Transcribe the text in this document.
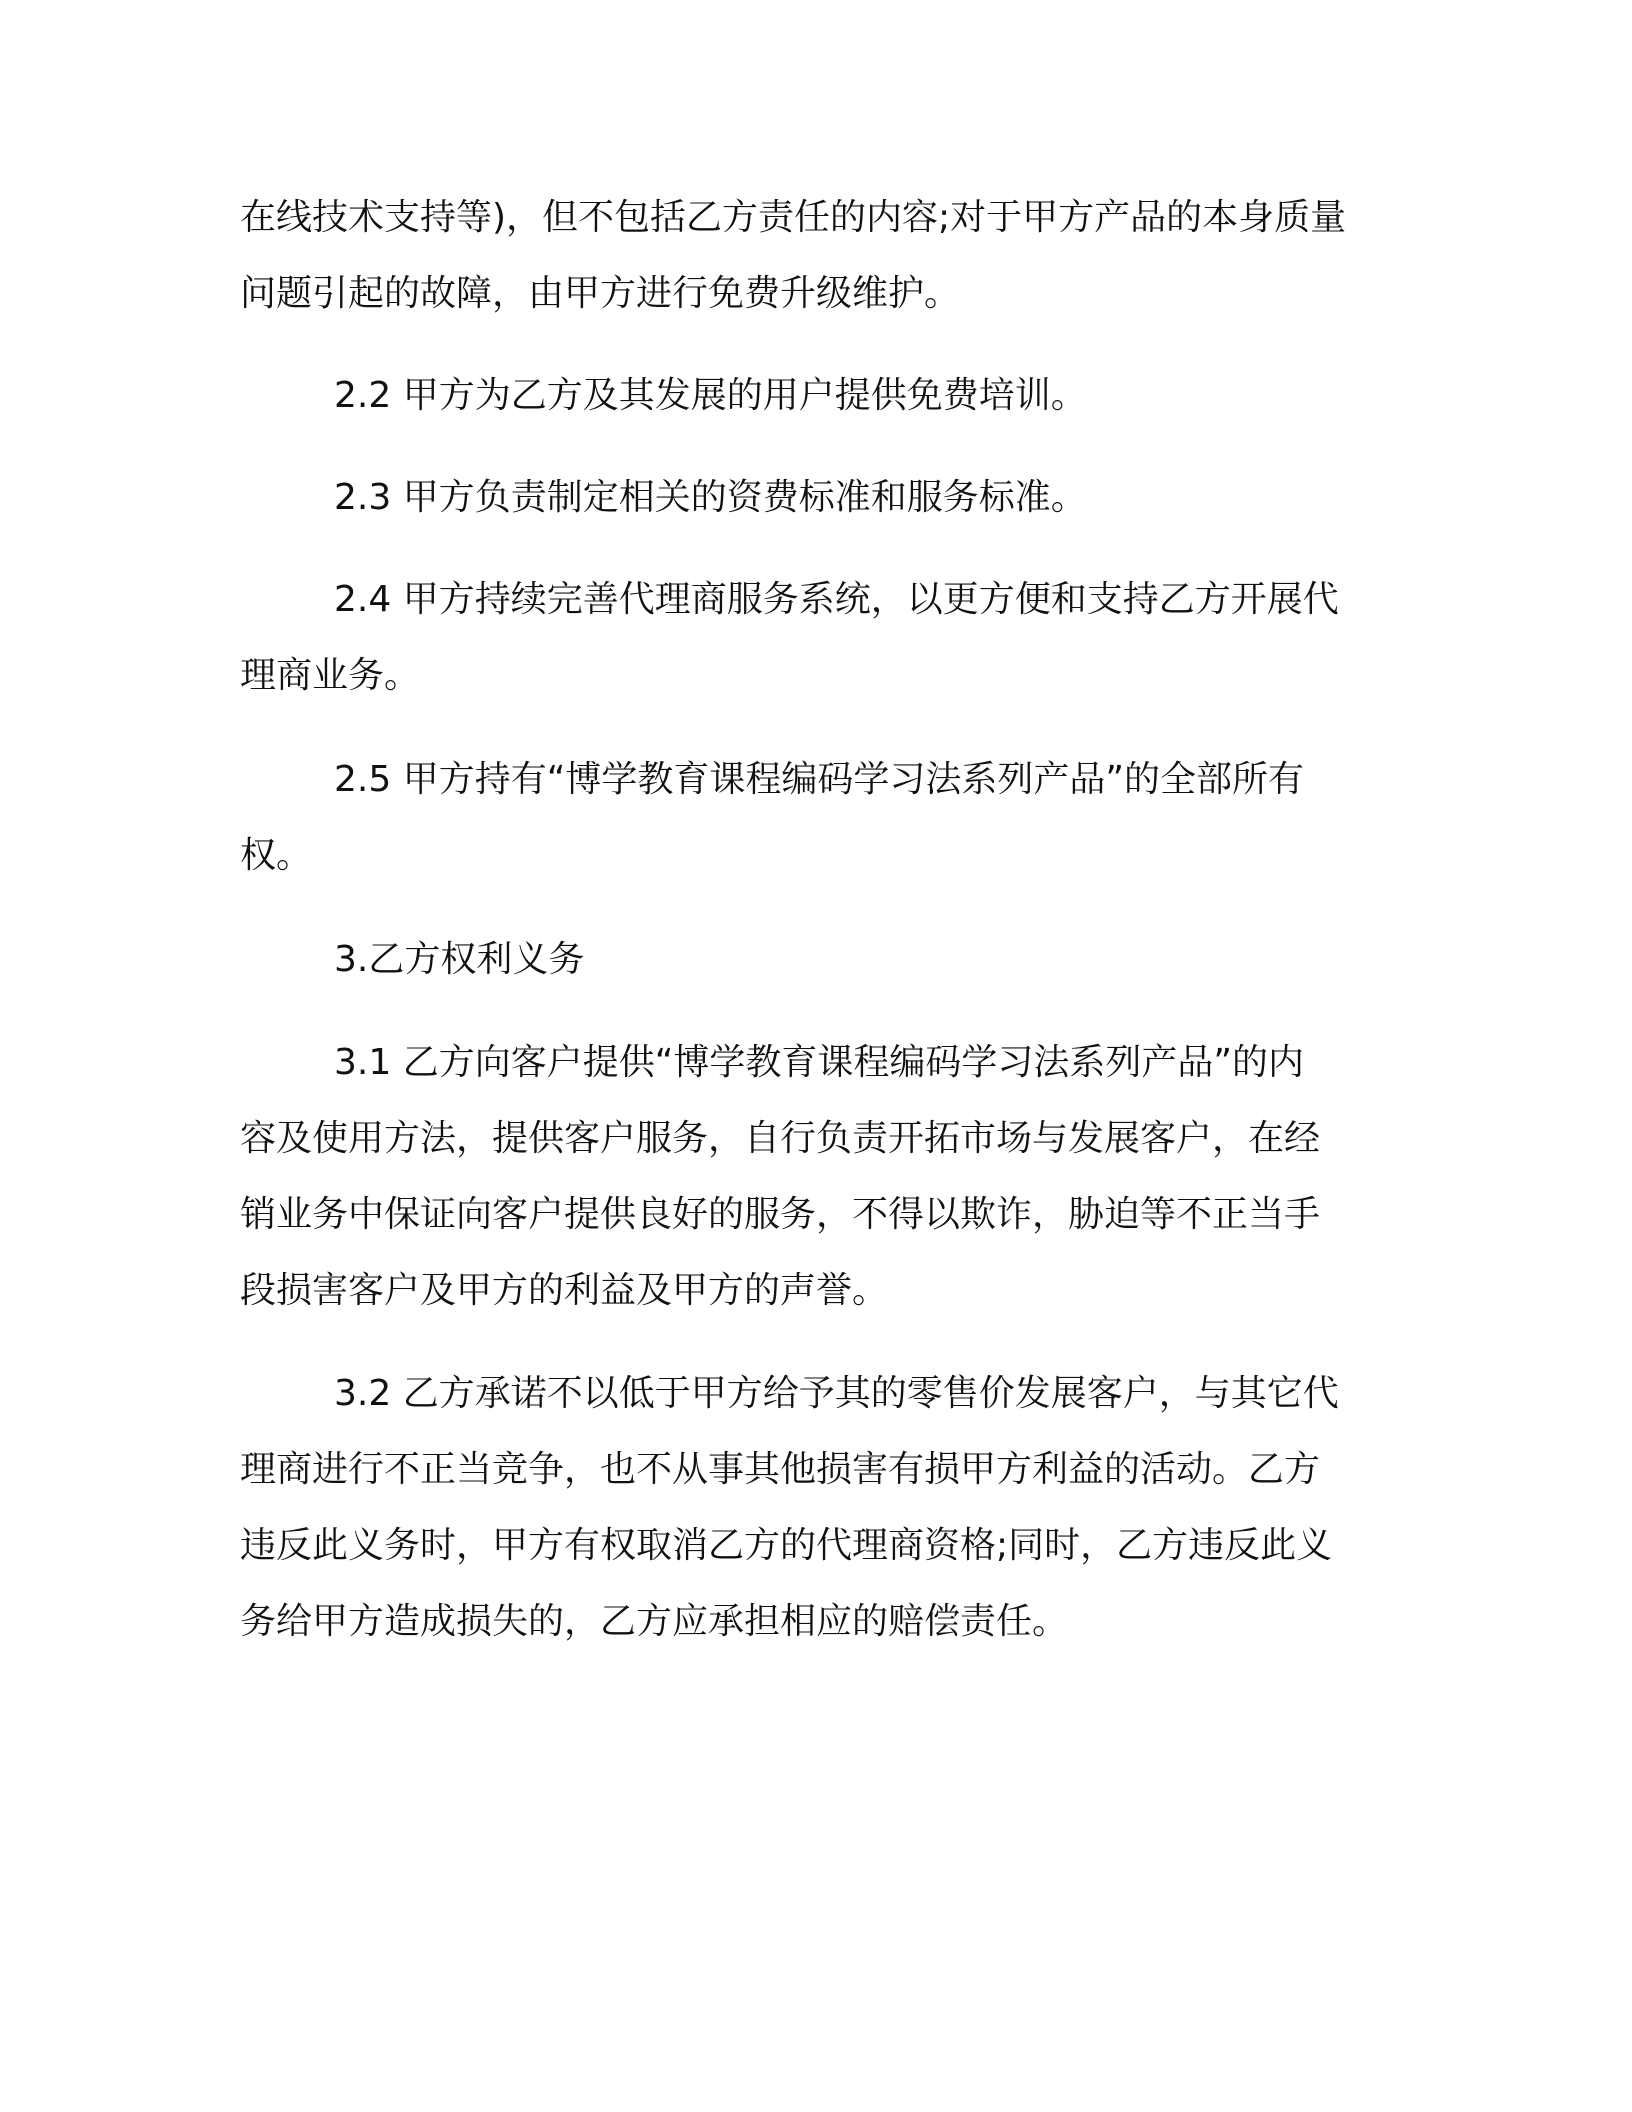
在线技术支持等)，但不包括乙方责任的内容;对于甲方产品的本身质量
问题引起的故障，由甲方进行免费升级维护。
2.2 甲方为乙方及其发展的用户提供免费培训。
2.3 甲方负责制定相关的资费标准和服务标准。
2.4 甲方持续完善代理商服务系统，以更方便和支持乙方开展代
理商业务。
2.5 甲方持有“博学教育课程编码学习法系列产品”的全部所有
权。
3.乙方权利义务
3.1 乙方向客户提供“博学教育课程编码学习法系列产品”的内
容及使用方法，提供客户服务，自行负责开拓市场与发展客户，在经
销业务中保证向客户提供良好的服务，不得以欺诈，胁迫等不正当手
段损害客户及甲方的利益及甲方的声誉。
3.2 乙方承诺不以低于甲方给予其的零售价发展客户，与其它代
理商进行不正当竞争，也不从事其他损害有损甲方利益的活动。乙方
违反此义务时，甲方有权取消乙方的代理商资格;同时，乙方违反此义
务给甲方造成损失的，乙方应承担相应的赔偿责任。
